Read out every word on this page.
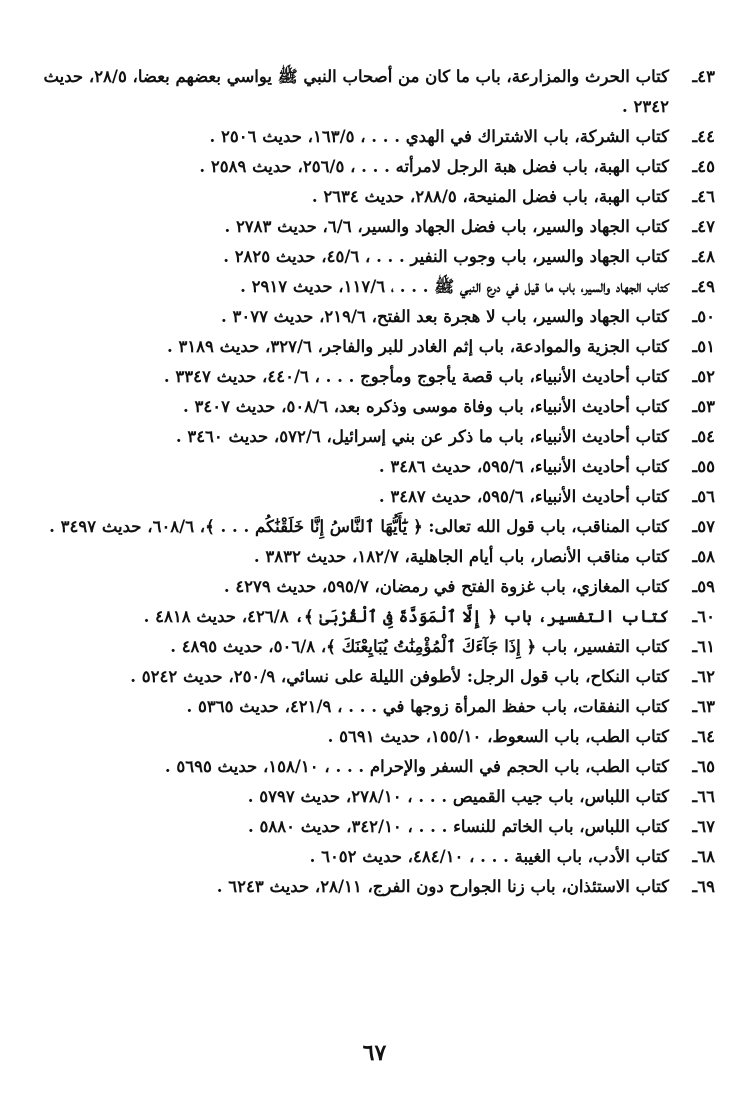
٤٣ـ
كتاب الحرث والمزارعة، باب ما كان من أصحاب النبي ﷺ يواسي بعضهم بعضا، ٢٨/٥، حديث ٢٣٤٢ .
٤٤ـ
كتاب الشركة، باب الاشتراك في الهدي . . . ، ١٦٣/٥، حديث ٢٥٠٦ .
٤٥ـ
كتاب الهبة، باب فضل هبة الرجل لامرأته . . . ، ٢٥٦/٥، حديث ٢٥٨٩ .
٤٦ـ
كتاب الهبة، باب فضل المنيحة، ٢٨٨/٥، حديث ٢٦٣٤ .
٤٧ـ
كتاب الجهاد والسير، باب فضل الجهاد والسير، ٦/٦، حديث ٢٧٨٣ .
٤٨ـ
كتاب الجهاد والسير، باب وجوب النفير . . . ، ٤٥/٦، حديث ٢٨٢٥ .
٤٩ـ
كتاب الجهاد والسير، باب ما قيل في درع النبي ﷺ . . . ، ١١٧/٦، حديث ٢٩١٧ .
٥٠ـ
كتاب الجهاد والسير، باب لا هجرة بعد الفتح، ٢١٩/٦، حديث ٣٠٧٧ .
٥١ـ
كتاب الجزية والموادعة، باب إثم الغادر للبر والفاجر، ٣٢٧/٦، حديث ٣١٨٩ .
٥٢ـ
كتاب أحاديث الأنبياء، باب قصة يأجوج ومأجوج . . . ، ٤٤٠/٦، حديث ٣٣٤٧ .
٥٣ـ
كتاب أحاديث الأنبياء، باب وفاة موسى وذكره بعد، ٥٠٨/٦، حديث ٣٤٠٧ .
٥٤ـ
كتاب أحاديث الأنبياء، باب ما ذكر عن بني إسرائيل، ٥٧٢/٦، حديث ٣٤٦٠ .
٥٥ـ
كتاب أحاديث الأنبياء، ٥٩٥/٦، حديث ٣٤٨٦ .
٥٦ـ
كتاب أحاديث الأنبياء، ٥٩٥/٦، حديث ٣٤٨٧ .
٥٧ـ
كتاب المناقب، باب قول الله تعالى: ﴿ يَٰٓأَيُّهَا ٱلنَّاسُ إِنَّا خَلَقْنَٰكُم . . . ﴾، ٦٠٨/٦، حديث ٣٤٩٧ .
٥٨ـ
كتاب مناقب الأنصار، باب أيام الجاهلية، ١٨٢/٧، حديث ٣٨٣٢ .
٥٩ـ
كتاب المغازي، باب غزوة الفتح في رمضان، ٥٩٥/٧، حديث ٤٢٧٩ .
٦٠ـ
كتاب التفسير، باب ﴿ إِلَّا ٱلْمَوَدَّةَ فِى ٱلْقُرْبَىٰ ﴾، ٤٢٦/٨، حديث ٤٨١٨ .
٦١ـ
كتاب التفسير، باب ﴿ إِذَا جَآءَكَ ٱلْمُؤْمِنَٰتُ يُبَايِعْنَكَ ﴾، ٥٠٦/٨، حديث ٤٨٩٥ .
٦٢ـ
كتاب النكاح، باب قول الرجل: لأطوفن الليلة على نسائي، ٢٥٠/٩، حديث ٥٢٤٢ .
٦٣ـ
كتاب النفقات، باب حفظ المرأة زوجها في . . . ، ٤٢١/٩، حديث ٥٣٦٥ .
٦٤ـ
كتاب الطب، باب السعوط، ١٥٥/١٠، حديث ٥٦٩١ .
٦٥ـ
كتاب الطب، باب الحجم في السفر والإحرام . . . ، ١٥٨/١٠، حديث ٥٦٩٥ .
٦٦ـ
كتاب اللباس، باب جيب القميص . . . ، ٢٧٨/١٠، حديث ٥٧٩٧ .
٦٧ـ
كتاب اللباس، باب الخاتم للنساء . . . ، ٣٤٢/١٠، حديث ٥٨٨٠ .
٦٨ـ
كتاب الأدب، باب الغيبة . . . ، ٤٨٤/١٠، حديث ٦٠٥٢ .
٦٩ـ
كتاب الاستئذان، باب زنا الجوارح دون الفرج، ٢٨/١١، حديث ٦٢٤٣ .
٦٧
